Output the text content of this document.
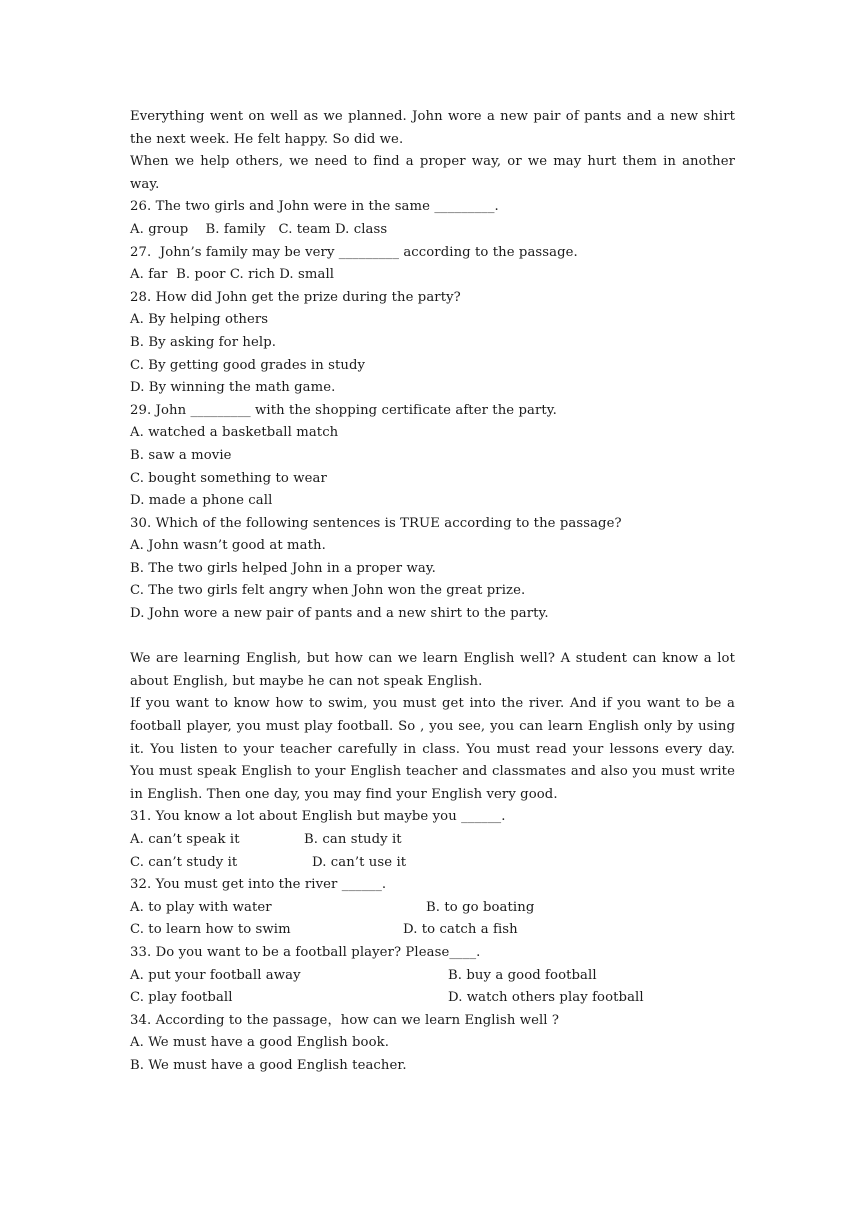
Everything went on well as we planned. John wore a new pair of pants and a new shirt the next week. He felt happy. So did we.
When we help others, we need to find a proper way, or we may hurt them in another way.
26. The two girls and John were in the same _________.
A. group    B. family   C. team D. class
27.  John’s family may be very _________ according to the passage.
A. far  B. poor C. rich D. small
28. How did John get the prize during the party?
A. By helping others
B. By asking for help.
C. By getting good grades in study
D. By winning the math game.
29. John _________ with the shopping certificate after the party.
A. watched a basketball match
B. saw a movie
C. bought something to wear
D. made a phone call
30. Which of the following sentences is TRUE according to the passage?
A. John wasn’t good at math.
B. The two girls helped John in a proper way.
C. The two girls felt angry when John won the great prize.
D. John wore a new pair of pants and a new shirt to the party.
We are learning English, but how can we learn English well? A student can know a lot about English, but maybe he can not speak English.
If you want to know how to swim, you must get into the river. And if you want to be a football player, you must play football. So , you see, you can learn English only by using it. You listen to your teacher carefully in class. You must read your lessons every day. You must speak English to your English teacher and classmates and also you must write in English. Then one day, you may find your English very good.
31. You know a lot about English but maybe you ______.

A. can’t speak it

	B. can study it

C. can’t study it

	D. can’t use it

32. You must get into the river ______.

A. to play with water

	B. to go boating

C. to learn how to swim

	D. to catch a fish

33. Do you want to be a football player? Please____.

A. put your football away

	B. buy a good football

C. play football

	D. watch others play football

34. According to the passage，how can we learn English well ?
A. We must have a good English book.
B. We must have a good English teacher.
